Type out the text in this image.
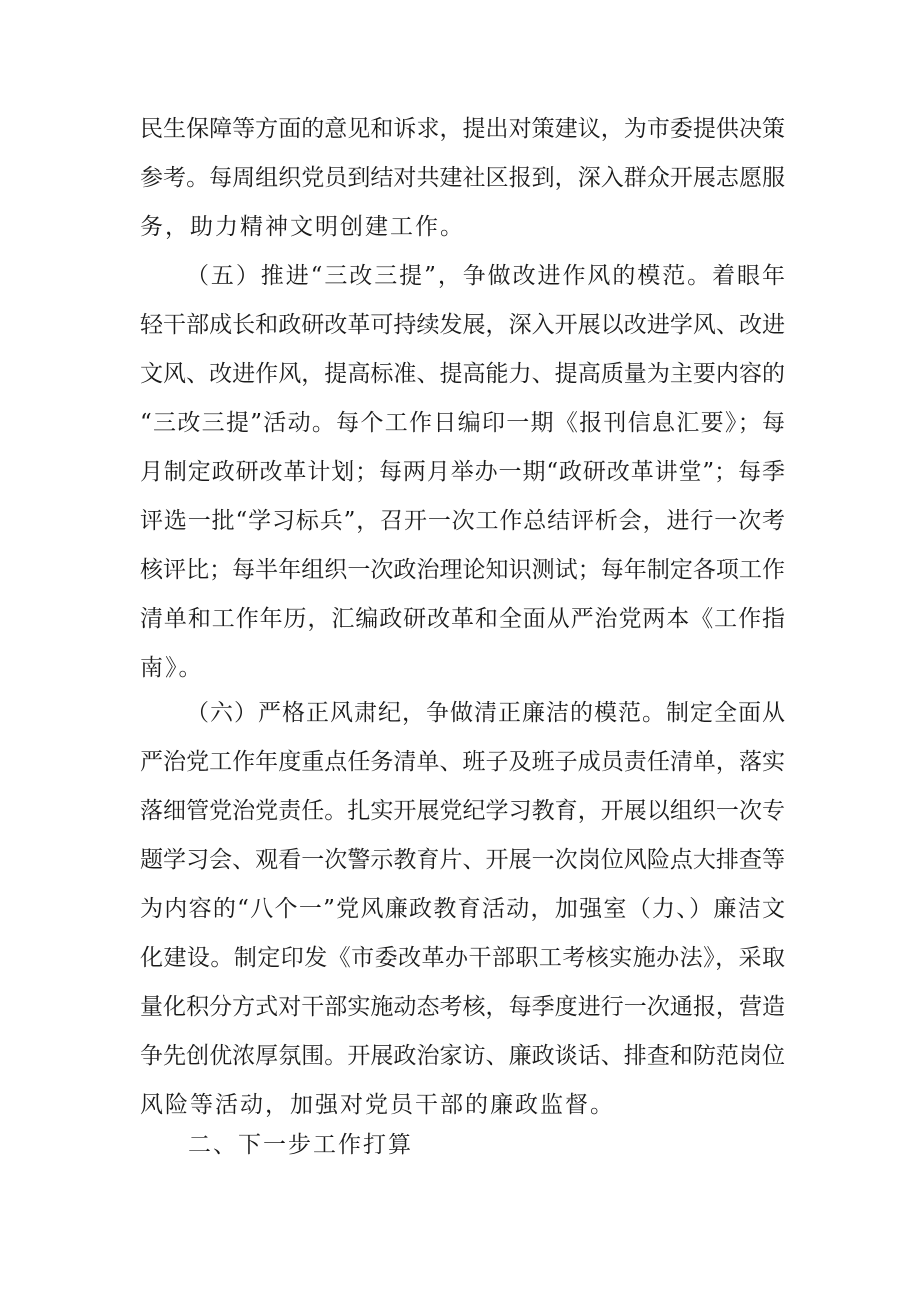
民生保障等方面的意见和诉求，提出对策建议，为市委提供决策
参考。每周组织党员到结对共建社区报到，深入群众开展志愿服
务，助力精神文明创建工作。
（五）推进“三改三提”，争做改进作风的模范。着眼年
轻干部成长和政研改革可持续发展，深入开展以改进学风、改进
文风、改进作风，提高标准、提高能力、提高质量为主要内容的
“三改三提”活动。每个工作日编印一期《报刊信息汇要》；每
月制定政研改革计划；每两月举办一期“政研改革讲堂”；每季
评选一批“学习标兵”，召开一次工作总结评析会，进行一次考
核评比；每半年组织一次政治理论知识测试；每年制定各项工作
清单和工作年历，汇编政研改革和全面从严治党两本《工作指
南》。
（六）严格正风肃纪，争做清正廉洁的模范。制定全面从
严治党工作年度重点任务清单、班子及班子成员责任清单，落实
落细管党治党责任。扎实开展党纪学习教育，开展以组织一次专
题学习会、观看一次警示教育片、开展一次岗位风险点大排查等
为内容的“八个一”党风廉政教育活动，加强室（力、）廉洁文
化建设。制定印发《市委改革办干部职工考核实施办法》，采取
量化积分方式对干部实施动态考核，每季度进行一次通报，营造
争先创优浓厚氛围。开展政治家访、廉政谈话、排查和防范岗位
风险等活动，加强对党员干部的廉政监督。
二、下一步工作打算
